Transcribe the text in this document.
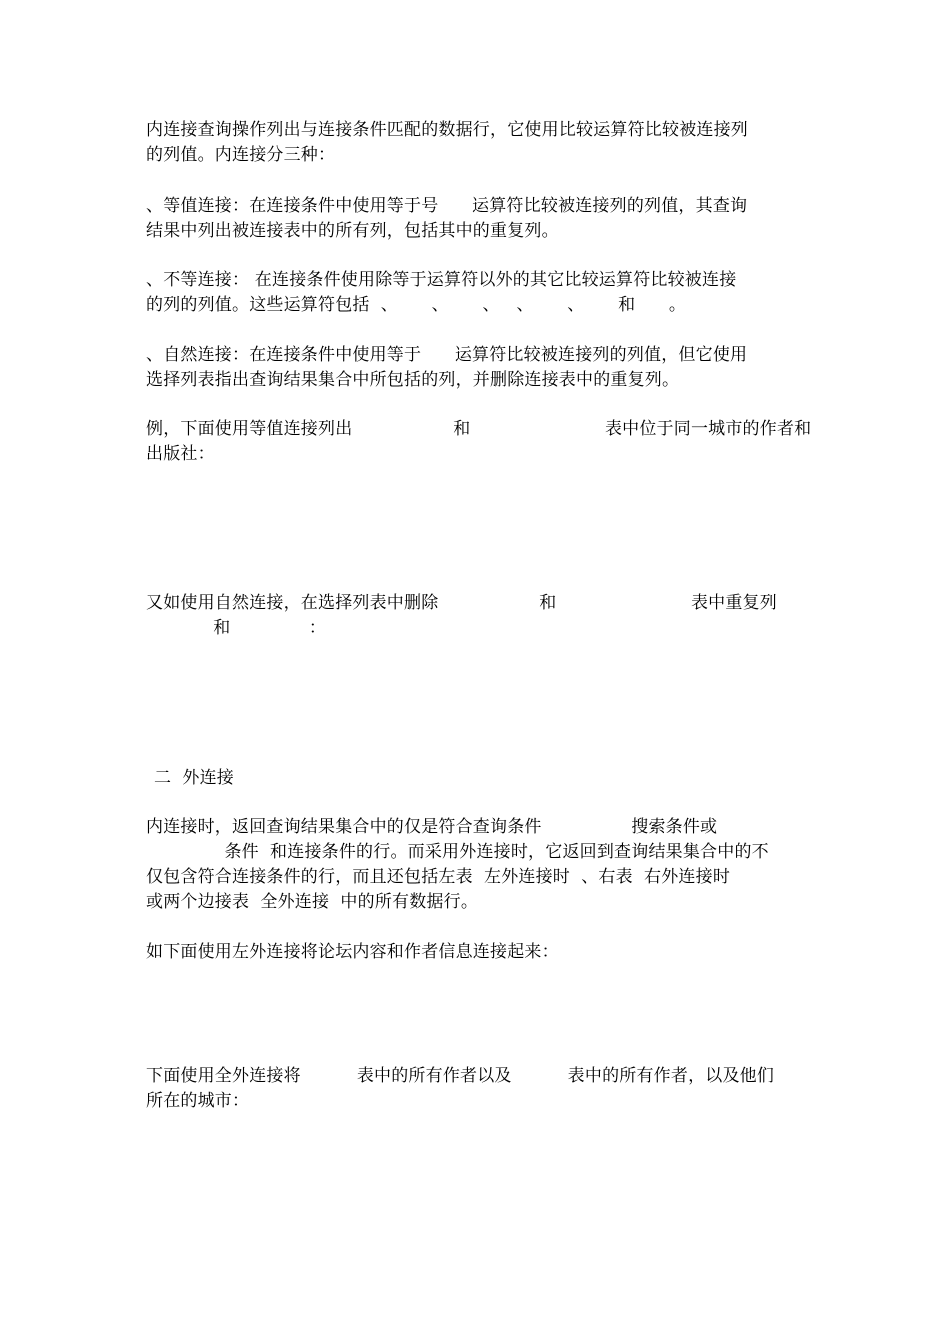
内连接查询操作列出与连接条件匹配的数据行，它使用比较运算符比较被连接列
的列值。内连接分三种：
、等值连接：在连接条件中使用等于号      运算符比较被连接列的列值，其查询
结果中列出被连接表中的所有列，包括其中的重复列。
、不等连接： 在连接条件使用除等于运算符以外的其它比较运算符比较被连接
的列的列值。这些运算符包括  、      、      、   、      、      和      。
、自然连接：在连接条件中使用等于      运算符比较被连接列的列值，但它使用
选择列表指出查询结果集合中所包括的列，并删除连接表中的重复列。
例，下面使用等值连接列出                  和                        表中位于同一城市的作者和
出版社：
又如使用自然连接，在选择列表中删除                  和                        表中重复列
和              ：
二  外连接
内连接时，返回查询结果集合中的仅是符合查询条件                搜索条件或
条件  和连接条件的行。而采用外连接时，它返回到查询结果集合中的不
仅包含符合连接条件的行，而且还包括左表  左外连接时  、右表  右外连接时
或两个边接表  全外连接  中的所有数据行。
如下面使用左外连接将论坛内容和作者信息连接起来：
下面使用全外连接将          表中的所有作者以及          表中的所有作者，以及他们
所在的城市：
